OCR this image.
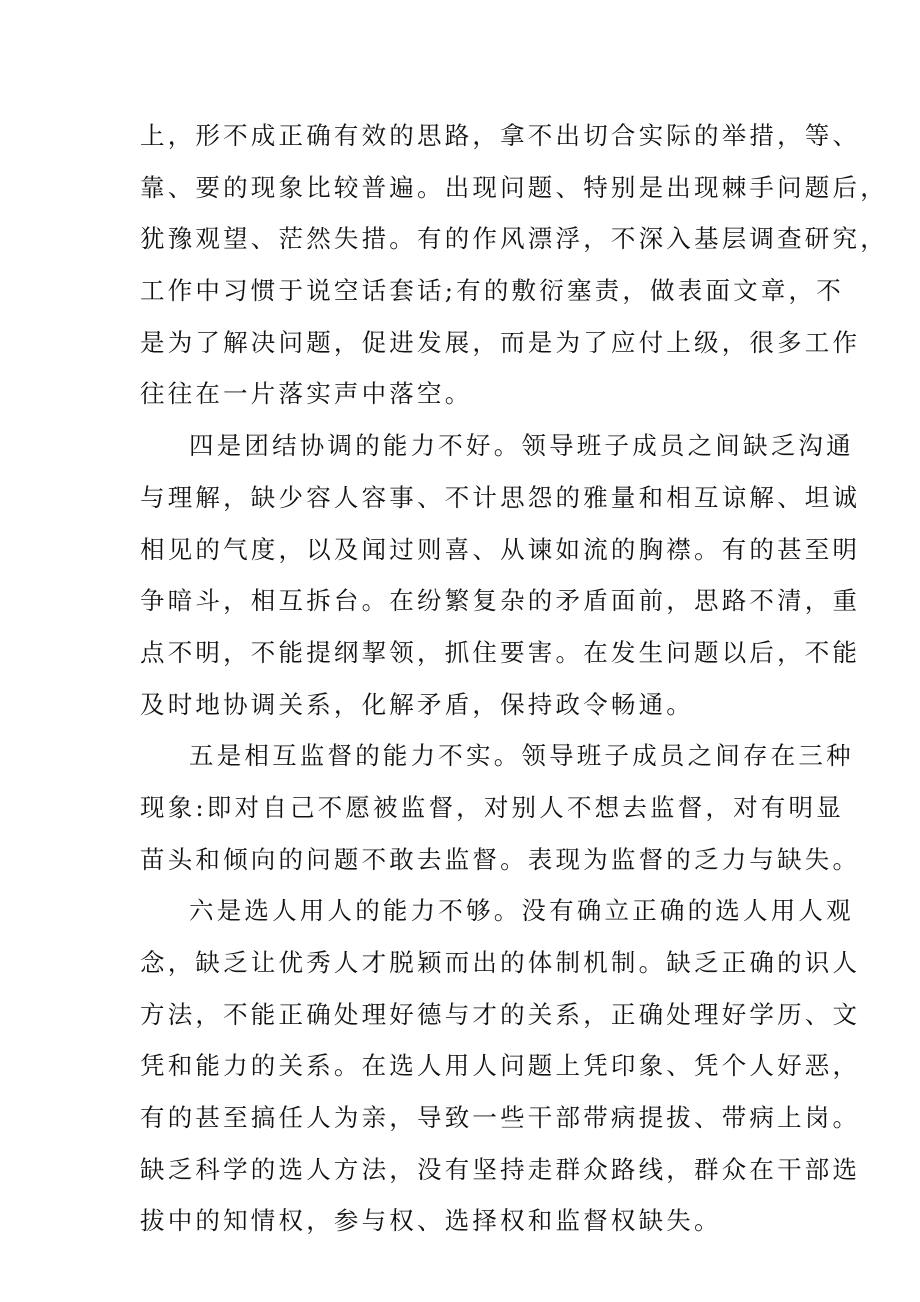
上，形不成正确有效的思路，拿不出切合实际的举措，等、
靠、要的现象比较普遍。出现问题、特别是出现棘手问题后，
犹豫观望、茫然失措。有的作风漂浮，不深入基层调查研究，
工作中习惯于说空话套话;有的敷衍塞责，做表面文章，不
是为了解决问题，促进发展，而是为了应付上级，很多工作
往往在一片落实声中落空。
四是团结协调的能力不好。领导班子成员之间缺乏沟通
与理解，缺少容人容事、不计思怨的雅量和相互谅解、坦诚
相见的气度，以及闻过则喜、从谏如流的胸襟。有的甚至明
争暗斗，相互拆台。在纷繁复杂的矛盾面前，思路不清，重
点不明，不能提纲挈领，抓住要害。在发生问题以后，不能
及时地协调关系，化解矛盾，保持政令畅通。
五是相互监督的能力不实。领导班子成员之间存在三种
现象:即对自己不愿被监督，对别人不想去监督，对有明显
苗头和倾向的问题不敢去监督。表现为监督的乏力与缺失。
六是选人用人的能力不够。没有确立正确的选人用人观
念，缺乏让优秀人才脱颖而出的体制机制。缺乏正确的识人
方法，不能正确处理好德与才的关系，正确处理好学历、文
凭和能力的关系。在选人用人问题上凭印象、凭个人好恶，
有的甚至搞任人为亲，导致一些干部带病提拔、带病上岗。
缺乏科学的选人方法，没有坚持走群众路线，群众在干部选
拔中的知情权，参与权、选择权和监督权缺失。
